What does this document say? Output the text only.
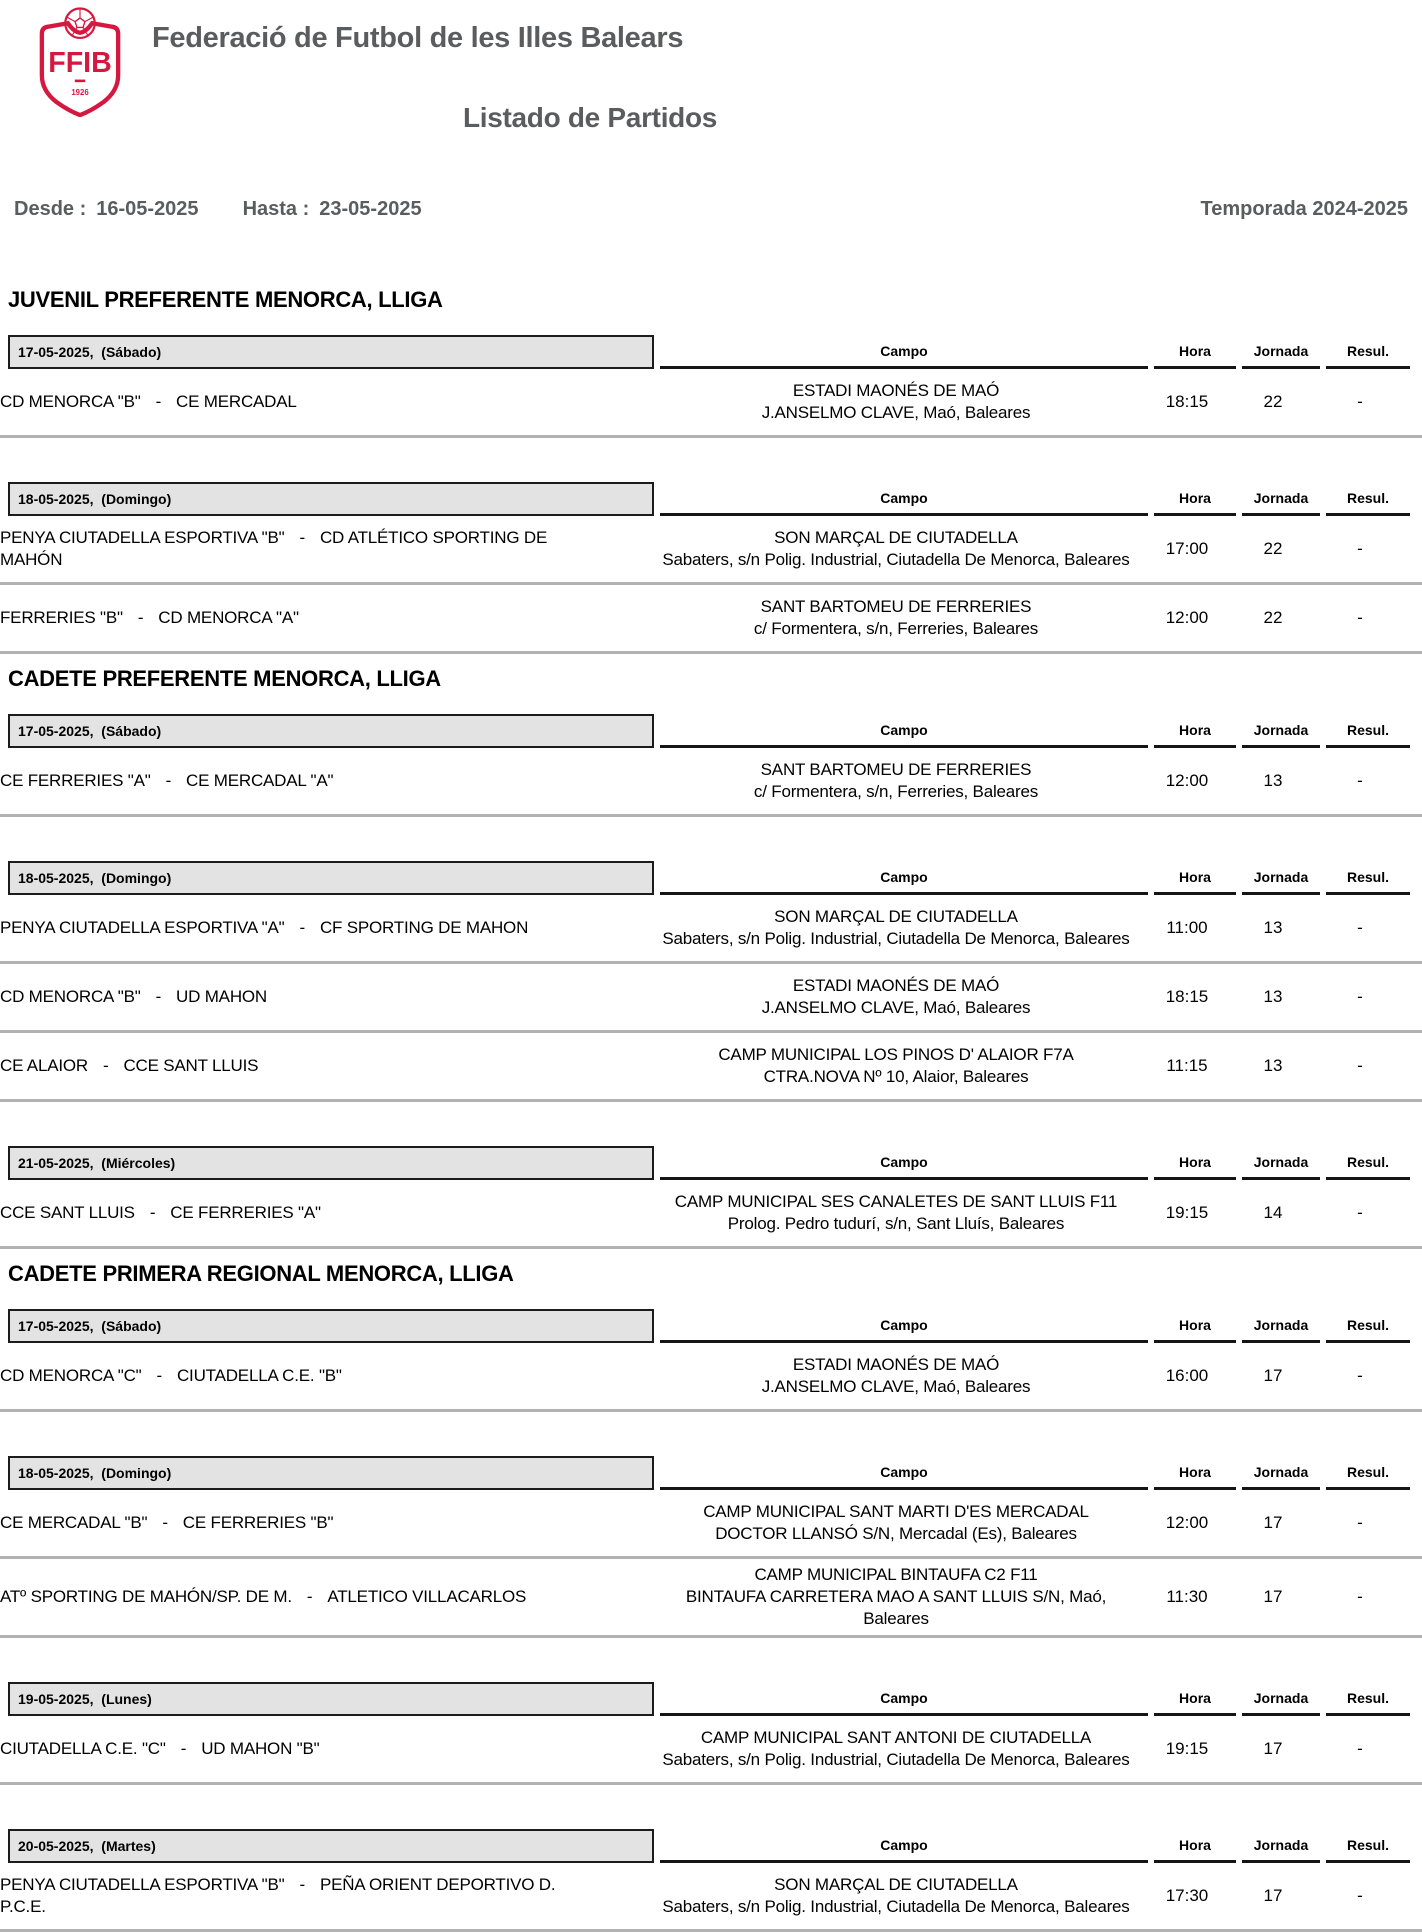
FFIB
1926
Federació de Futbol de les Illes Balears
Listado de Partidos
Desde : 16-05-2025 Hasta : 23-05-2025	Temporada 2024-2025
JUVENIL PREFERENTE MENORCA, LLIGA
17-05-2025,  (Sábado)	Campo	Hora	Jornada	Resul.
CD MENORCA "B" - CE MERCADAL
ESTADI MAONÉS DE MAÓ
J.ANSELMO CLAVE, Maó, Baleares
18:15	22	-
18-05-2025,  (Domingo)	Campo	Hora	Jornada	Resul.
PENYA CIUTADELLA ESPORTIVA "B" - CD ATLÉTICO SPORTING DE MAHÓN
SON MARÇAL DE CIUTADELLA
Sabaters, s/n Polig. Industrial, Ciutadella De Menorca, Baleares
17:00	22	-
FERRERIES "B" - CD MENORCA "A"
SANT BARTOMEU DE FERRERIES
c/ Formentera, s/n, Ferreries, Baleares
12:00	22	-
CADETE PREFERENTE MENORCA, LLIGA
17-05-2025,  (Sábado)	Campo	Hora	Jornada	Resul.
CE FERRERIES "A" - CE MERCADAL "A"
SANT BARTOMEU DE FERRERIES
c/ Formentera, s/n, Ferreries, Baleares
12:00	13	-
18-05-2025,  (Domingo)	Campo	Hora	Jornada	Resul.
PENYA CIUTADELLA ESPORTIVA "A" - CF SPORTING DE MAHON
SON MARÇAL DE CIUTADELLA
Sabaters, s/n Polig. Industrial, Ciutadella De Menorca, Baleares
11:00	13	-
CD MENORCA "B" - UD MAHON
ESTADI MAONÉS DE MAÓ
J.ANSELMO CLAVE, Maó, Baleares
18:15	13	-
CE ALAIOR - CCE SANT LLUIS
CAMP MUNICIPAL LOS PINOS D' ALAIOR F7A
CTRA.NOVA Nº 10, Alaior, Baleares
11:15	13	-
21-05-2025,  (Miércoles)	Campo	Hora	Jornada	Resul.
CCE SANT LLUIS - CE FERRERIES "A"
CAMP MUNICIPAL SES CANALETES DE SANT LLUIS F11
Prolog. Pedro tudurí, s/n, Sant Lluís, Baleares
19:15	14	-
CADETE PRIMERA REGIONAL MENORCA, LLIGA
17-05-2025,  (Sábado)	Campo	Hora	Jornada	Resul.
CD MENORCA "C" - CIUTADELLA C.E. "B"
ESTADI MAONÉS DE MAÓ
J.ANSELMO CLAVE, Maó, Baleares
16:00	17	-
18-05-2025,  (Domingo)	Campo	Hora	Jornada	Resul.
CE MERCADAL "B" - CE FERRERIES "B"
CAMP MUNICIPAL SANT MARTI D'ES MERCADAL
DOCTOR LLANSÓ S/N, Mercadal (Es), Baleares
12:00	17	-
ATº SPORTING DE MAHÓN/SP. DE M. - ATLETICO VILLACARLOS
CAMP MUNICIPAL BINTAUFA C2 F11
BINTAUFA CARRETERA MAO A SANT LLUIS S/N, Maó, Baleares
11:30	17	-
19-05-2025,  (Lunes)	Campo	Hora	Jornada	Resul.
CIUTADELLA C.E. "C" - UD MAHON "B"
CAMP MUNICIPAL SANT ANTONI DE CIUTADELLA
Sabaters, s/n Polig. Industrial, Ciutadella De Menorca, Baleares
19:15	17	-
20-05-2025,  (Martes)	Campo	Hora	Jornada	Resul.
PENYA CIUTADELLA ESPORTIVA "B" - PEÑA ORIENT DEPORTIVO D. P.C.E.
SON MARÇAL DE CIUTADELLA
Sabaters, s/n Polig. Industrial, Ciutadella De Menorca, Baleares
17:30	17	-
